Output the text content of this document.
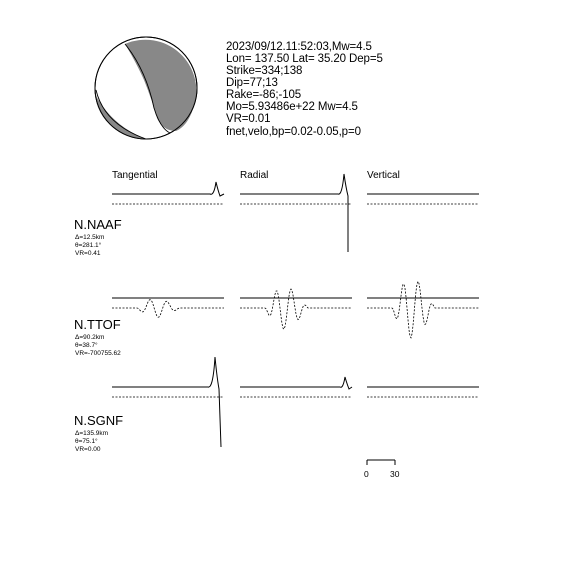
2023/09/12.11:52:03,Mw=4.5
Lon= 137.50 Lat= 35.20 Dep=5
Strike=334;138
Dip=77;13
Rake=-86;-105
Mo=5.93486e+22 Mw=4.5
VR=0.01
fnet,velo,bp=0.02-0.05,p=0
Tangential	Radial	Vertical
N.NAAF
Δ=12.5km
θ=281.1°
VR=0.41
N.TTOF
Δ=90.2km
θ=38.7°
VR=-700755.62
N.SGNF
Δ=135.9km
θ=75.1°
VR=0.00
0	30
